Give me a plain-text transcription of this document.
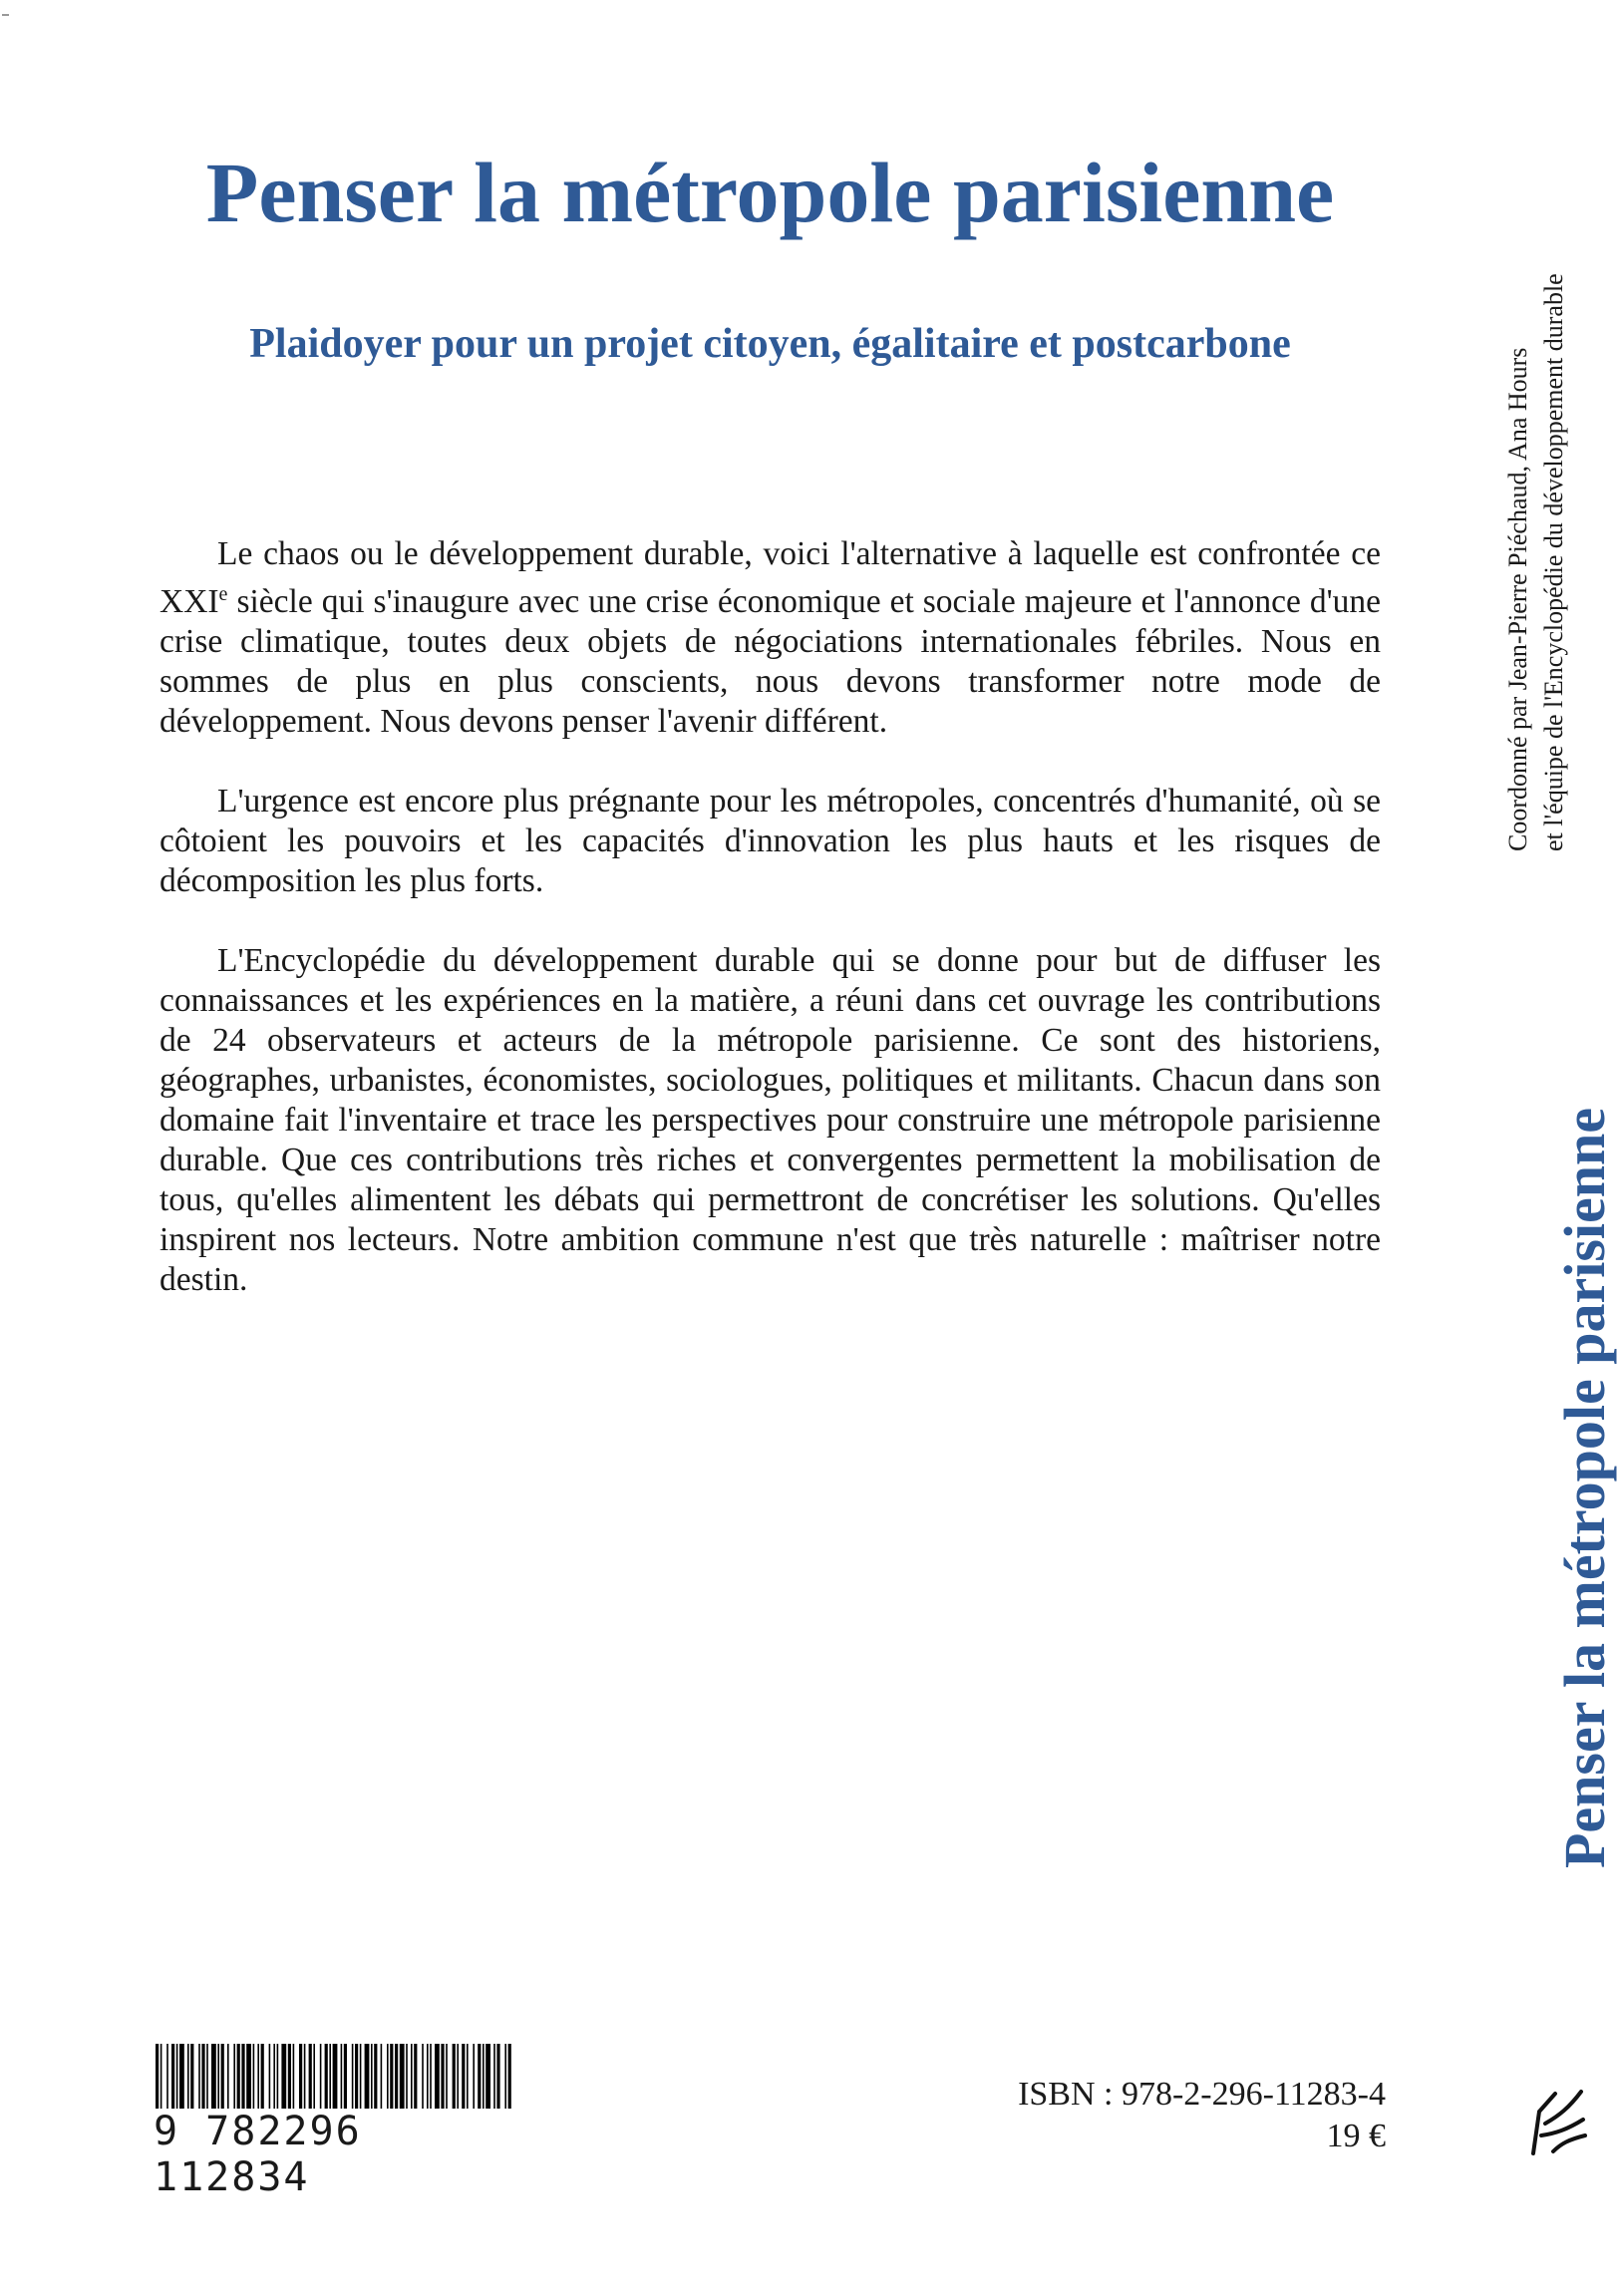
Penser la métropole parisienne
Plaidoyer pour un projet citoyen, égalitaire et postcarbone

Le chaos ou le développement durable, voici l'alternative à laquelle est confrontée ce XXIe siècle qui s'inaugure avec une crise économique et sociale majeure et l'annonce d'une crise climatique, toutes deux objets de négociations internationales fébriles. Nous en sommes de plus en plus conscients, nous devons transformer notre mode de développement. Nous devons penser l'avenir différent.

L'urgence est encore plus prégnante pour les métropoles, concentrés d'humanité, où se côtoient les pouvoirs et les capacités d'innovation les plus hauts et les risques de décomposition les plus forts.

L'Encyclopédie du développement durable qui se donne pour but de diffuser les connaissances et les expériences en la matière, a réuni dans cet ouvrage les contributions de 24 observateurs et acteurs de la métropole parisienne. Ce sont des historiens, géographes, urbanistes, économistes, sociologues, politiques et militants. Chacun dans son domaine fait l'inventaire et trace les perspectives pour construire une métropole parisienne durable. Que ces contributions très riches et convergentes permettent la mobilisation de tous, qu'elles alimentent les débats qui permettront de concrétiser les solutions. Qu'elles inspirent nos lecteurs. Notre ambition commune n'est que très naturelle : maîtriser notre destin.

Coordonné par Jean-Pierre Piéchaud, Ana Hours et l'équipe de l'Encyclopédie du développement durable
Penser la métropole parisienne
9 782296 112834
ISBN : 978-2-296-11283-4
19 €
